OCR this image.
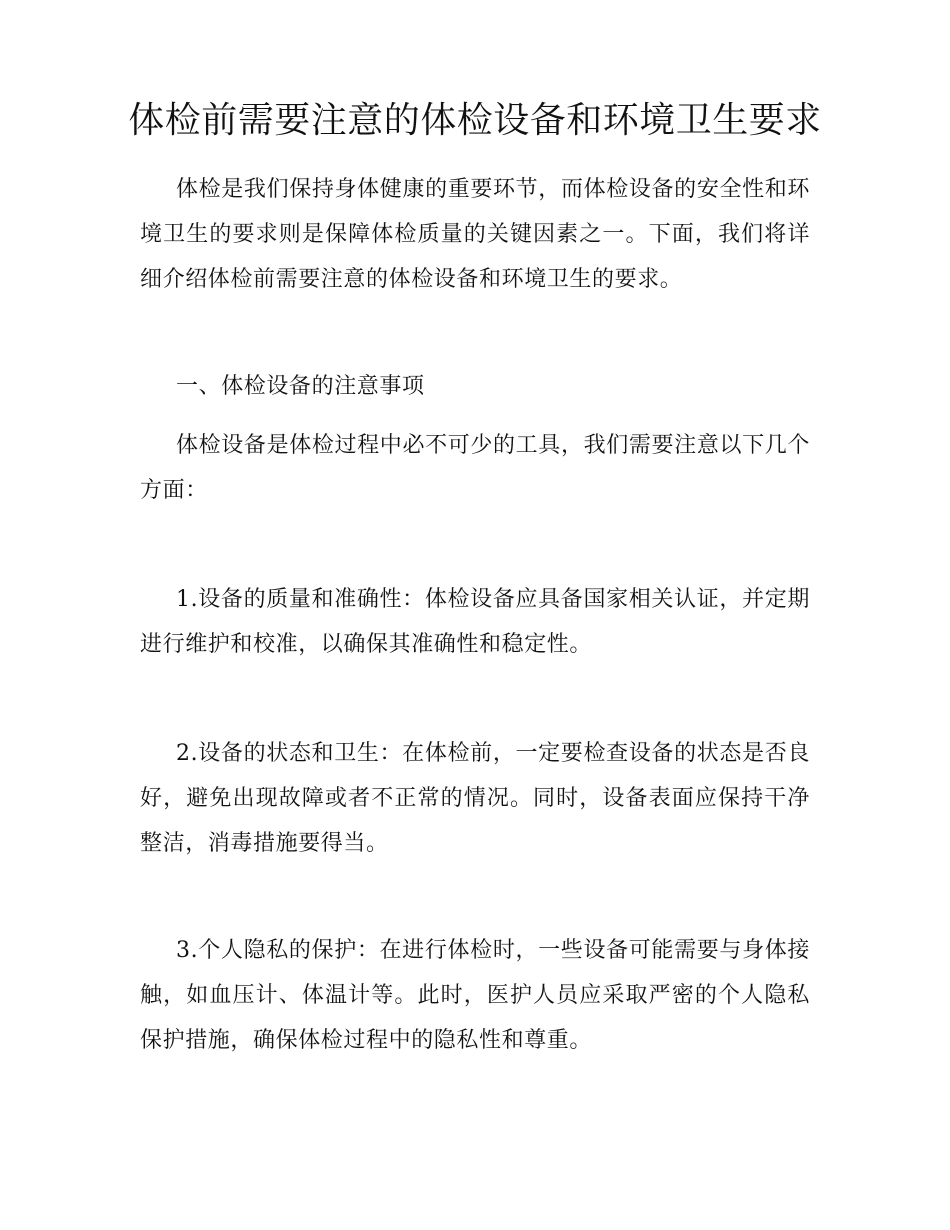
体检前需要注意的体检设备和环境卫生要求

体检是我们保持身体健康的重要环节，而体检设备的安全性和环境卫生的要求则是保障体检质量的关键因素之一。下面，我们将详细介绍体检前需要注意的体检设备和环境卫生的要求。

一、体检设备的注意事项

体检设备是体检过程中必不可少的工具，我们需要注意以下几个方面：

1.设备的质量和准确性：体检设备应具备国家相关认证，并定期进行维护和校准，以确保其准确性和稳定性。

2.设备的状态和卫生：在体检前，一定要检查设备的状态是否良好，避免出现故障或者不正常的情况。同时，设备表面应保持干净整洁，消毒措施要得当。

3.个人隐私的保护：在进行体检时，一些设备可能需要与身体接触，如血压计、体温计等。此时，医护人员应采取严密的个人隐私保护措施，确保体检过程中的隐私性和尊重。
